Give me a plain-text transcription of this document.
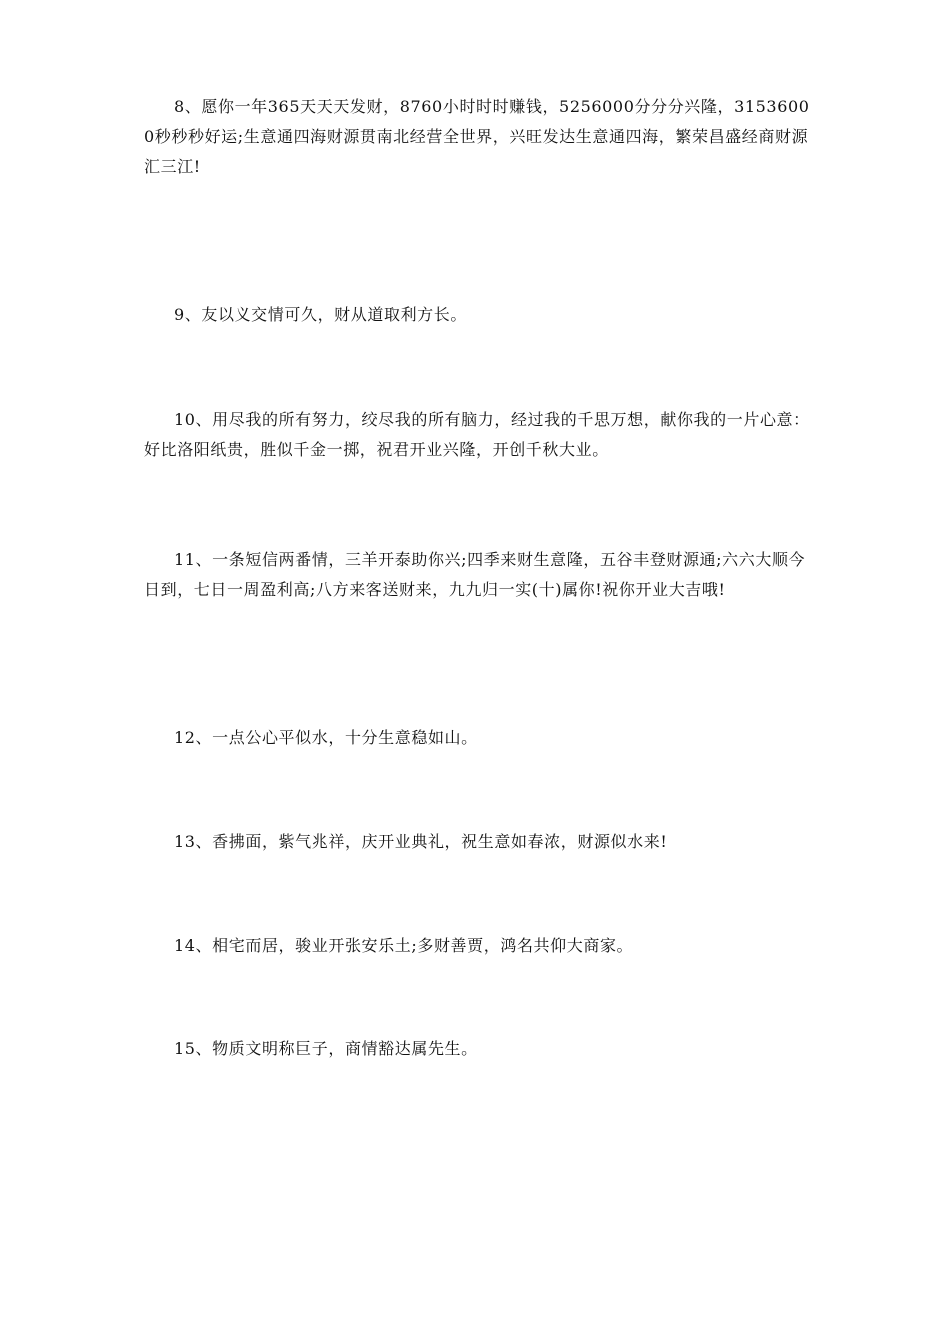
8、愿你一年365天天天发财，8760小时时时赚钱，5256000分分分兴隆，31536000秒秒秒好运;生意通四海财源贯南北经营全世界，兴旺发达生意通四海，繁荣昌盛经商财源汇三江!

9、友以义交情可久，财从道取利方长。

10、用尽我的所有努力，绞尽我的所有脑力，经过我的千思万想，献你我的一片心意：好比洛阳纸贵，胜似千金一掷，祝君开业兴隆，开创千秋大业。

11、一条短信两番情，三羊开泰助你兴;四季来财生意隆，五谷丰登财源通;六六大顺今日到，七日一周盈利高;八方来客送财来，九九归一实(十)属你!祝你开业大吉哦!

12、一点公心平似水，十分生意稳如山。

13、香拂面，紫气兆祥，庆开业典礼，祝生意如春浓，财源似水来!

14、相宅而居，骏业开张安乐土;多财善贾，鸿名共仰大商家。

15、物质文明称巨子，商情豁达属先生。
